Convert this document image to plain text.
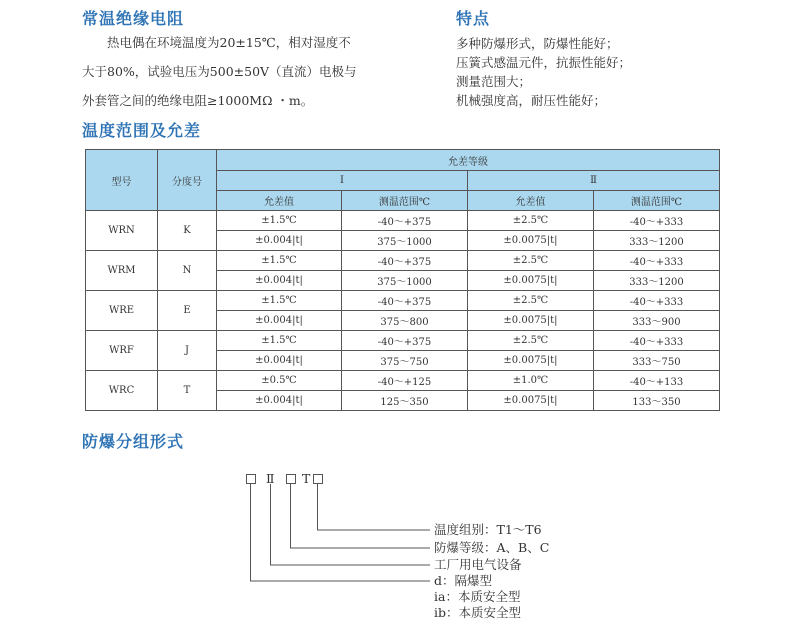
常温绝缘电阻
热电偶在环境温度为20±15℃，相对湿度不
大于80%，试验电压为500±50V（直流）电极与
外套管之间的绝缘电阻≥1000MΩ ・m。
特点
多种防爆形式，防爆性能好；
压簧式感温元件，抗振性能好；
测量范围大；
机械强度高，耐压性能好；
温度范围及允差
型号	分度号	允差等级			
		I		Ⅱ	
		允差值	测温范围℃	允差值	测温范围℃
WRN	K	±1.5℃	-40～+375	±2.5℃	-40～+333
		±0.004|t|	375～1000	±0.0075|t|	333～1200
WRM	N	±1.5℃	-40～+375	±2.5℃	-40～+333
		±0.004|t|	375～1000	±0.0075|t|	333～1200
WRE	E	±1.5℃	-40～+375	±2.5℃	-40～+333
		±0.004|t|	375～800	±0.0075|t|	333～900
WRF	J	±1.5℃	-40～+375	±2.5℃	-40～+333
		±0.004|t|	375～750	±0.0075|t|	333～750
WRC	T	±0.5℃	-40～+125	±1.0℃	-40～+133
		±0.004|t|	125～350	±0.0075|t|	133～350
防爆分组形式
Ⅱ T
温度组别：T1～T6
防爆等级：A、B、C
工厂用电气设备
d：隔爆型
ia：本质安全型
ib：本质安全型
